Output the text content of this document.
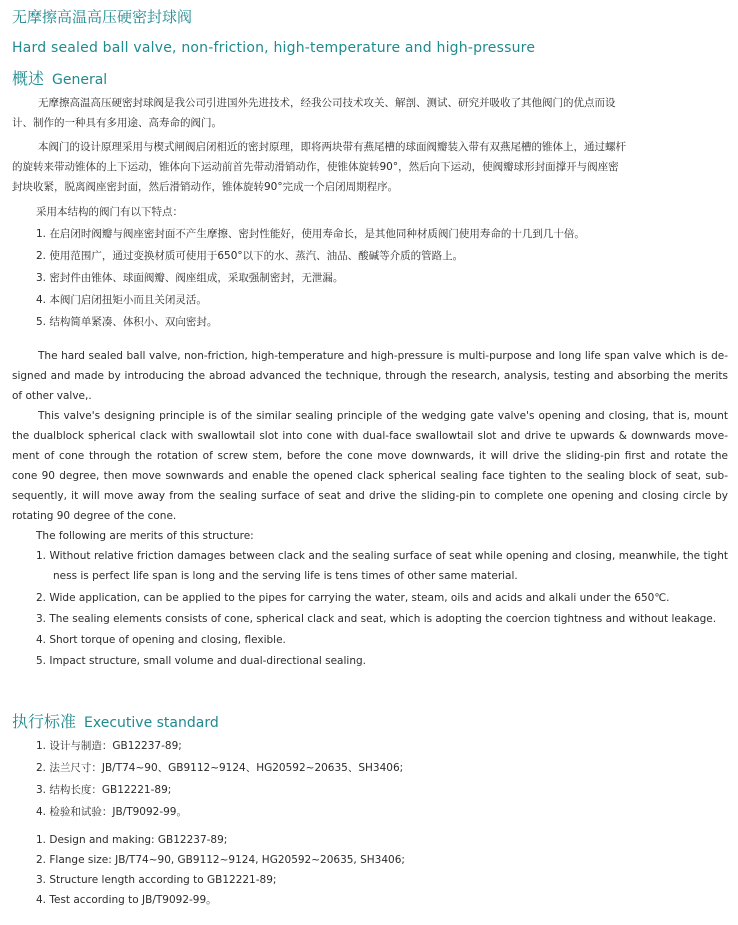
无摩擦高温高压硬密封球阀
Hard sealed ball valve, non-friction, high-temperature and high-pressure
概述 General
无摩擦高温高压硬密封球阀是我公司引进国外先进技术，经我公司技术攻关、解剖、测试、研究并吸收了其他阀门的优点而设
计、制作的一种具有多用途、高寿命的阀门。
本阀门的设计原理采用与楔式闸阀启闭相近的密封原理，即将两块带有燕尾槽的球面阀瓣装入带有双燕尾槽的锥体上，通过螺杆
的旋转来带动锥体的上下运动，锥体向下运动前首先带动滑销动作，使锥体旋转90°，然后向下运动，使阀瓣球形封面撑开与阀座密
封块收紧，脱离阀座密封面，然后滑销动作，锥体旋转90°完成一个启闭周期程序。
采用本结构的阀门有以下特点：
1. 在启闭时阀瓣与阀座密封面不产生摩擦、密封性能好，使用寿命长，是其他同种材质阀门使用寿命的十几到几十倍。
2. 使用范围广，通过变换材质可使用于650°以下的水、蒸汽、油品、酸碱等介质的管路上。
3. 密封件由锥体、球面阀瓣、阀座组成，采取强制密封，无泄漏。
4. 本阀门启闭扭矩小而且关闭灵活。
5. 结构简单紧凑、体积小、双向密封。
The hard sealed ball valve, non-friction, high-temperature and high-pressure is multi-purpose and long life span valve which is de-
signed and made by introducing the abroad advanced the technique, through the research, analysis, testing and absorbing the merits
of other valve,.
This valve's designing principle is of the similar sealing principle of the wedging gate valve's opening and closing, that is, mount
the dualblock spherical clack with swallowtail slot into cone with dual-face swallowtail slot and drive te upwards & downwards move-
ment of cone through the rotation of screw stem, before the cone move downwards, it will drive the sliding-pin first and rotate the
cone 90 degree, then move sownwards and enable the opened clack spherical sealing face tighten to the sealing block of seat, sub-
sequently, it will move away from the sealing surface of seat and drive the sliding-pin to complete one opening and closing circle by
rotating 90 degree of the cone.
The following are merits of this structure:
1. Without relative friction damages between clack and the sealing surface of seat while opening and closing, meanwhile, the tight
ness is perfect life span is long and the serving life is tens times of other same material.
2. Wide application, can be applied to the pipes for carrying the water, steam, oils and acids and alkali under the 650℃.
3. The sealing elements consists of cone, spherical clack and seat, which is adopting the coercion tightness and without leakage.
4. Short torque of opening and closing, flexible.
5. Impact structure, small volume and dual-directional sealing.
执行标准 Executive standard
1. 设计与制造：GB12237-89;
2. 法兰尺寸：JB/T74~90、GB9112~9124、HG20592~20635、SH3406;
3. 结构长度：GB12221-89;
4. 检验和试验：JB/T9092-99。
1. Design and making: GB12237-89;
2. Flange size: JB/T74~90, GB9112~9124, HG20592~20635, SH3406;
3. Structure length according to GB12221-89;
4. Test according to JB/T9092-99。
